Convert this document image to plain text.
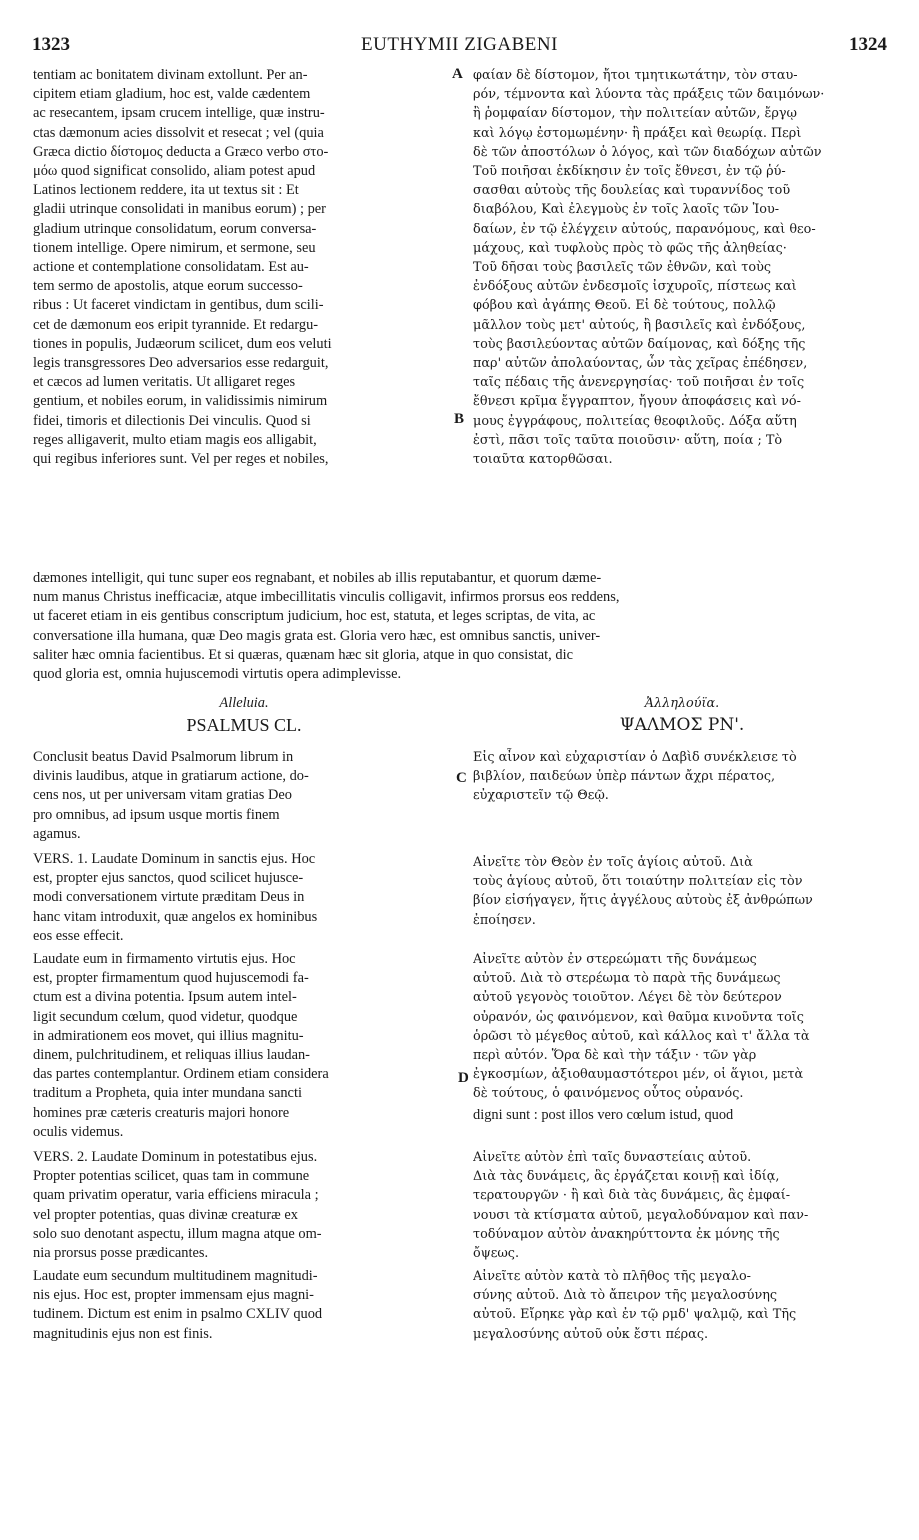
1323	EUTHYMII ZIGABENI	1324
tentiam ac bonitatem divinam extollunt. Per an-
cipitem etiam gladium, hoc est, valde cædentem
ac resecantem, ipsam crucem intellige, quæ instru-
ctas dæmonum acies dissolvit et resecat ; vel (quia
Græca dictio δίστομος deducta a Græco verbo στο-
μόω quod significat consolido, aliam potest apud
Latinos lectionem reddere, ita ut textus sit : Et
gladii utrinque consolidati in manibus eorum) ; per
gladium utrinque consolidatum, eorum conversa-
tionem intellige. Opere nimirum, et sermone, seu
actione et contemplatione consolidatam. Est au-
tem sermo de apostolis, atque eorum successo-
ribus : Ut faceret vindictam in gentibus, dum scili-
cet de dæmonum eos eripit tyrannide. Et redargu-
tiones in populis, Judæorum scilicet, dum eos veluti
legis transgressores Deo adversarios esse redarguit,
et cæcos ad lumen veritatis. Ut alligaret reges
gentium, et nobiles eorum, in validissimis nimirum
fidei, timoris et dilectionis Dei vinculis. Quod si
reges alligaverit, multo etiam magis eos alligabit,
qui regibus inferiores sunt. Vel per reges et nobiles,
φαίαν δὲ δίστομον, ἤτοι τμητικωτάτην, τὸν σταυ-
ρόν, τέμνοντα καὶ λύοντα τὰς πράξεις τῶν δαιμόνων·
ἢ ῥομφαίαν δίστομον, τὴν πολιτείαν αὐτῶν, ἔργῳ
καὶ λόγῳ ἐστομωμένην· ἢ πράξει καὶ θεωρίᾳ. Περὶ
δὲ τῶν ἀποστόλων ὁ λόγος, καὶ τῶν διαδόχων αὐτῶν
Τοῦ ποιῆσαι ἐκδίκησιν ἐν τοῖς ἔθνεσι, ἐν τῷ ῥύ-
σασθαι αὐτοὺς τῆς δουλείας καὶ τυραννίδος τοῦ
διαβόλου, Καὶ ἐλεγμοὺς ἐν τοῖς λαοῖς τῶν Ἰου-
δαίων, ἐν τῷ ἐλέγχειν αὐτούς, παρανόμους, καὶ θεο-
μάχους, καὶ τυφλοὺς πρὸς τὸ φῶς τῆς ἀληθείας·
Τοῦ δῆσαι τοὺς βασιλεῖς τῶν ἐθνῶν, καὶ τοὺς
ἐνδόξους αὐτῶν ἐνδεσμοῖς ἰσχυροῖς, πίστεως καὶ
φόβου καὶ ἀγάπης Θεοῦ. Εἰ δὲ τούτους, πολλῷ
μᾶλλον τοὺς μετ' αὐτούς, ἢ βασιλεῖς καὶ ἐνδόξους,
τοὺς βασιλεύοντας αὐτῶν δαίμονας, καὶ δόξης τῆς
παρ' αὐτῶν ἀπολαύοντας, ὧν τὰς χεῖρας ἐπέδησεν,
ταῖς πέδαις τῆς ἀνενεργησίας· τοῦ ποιῆσαι ἐν τοῖς
ἔθνεσι κρῖμα ἔγγραπτον, ἤγουν ἀποφάσεις καὶ νό-
μους ἐγγράφους, πολιτείας θεοφιλοῦς. Δόξα αὕτη
ἐστὶ, πᾶσι τοῖς ταῦτα ποιοῦσιν· αὕτη, ποία ; Τὸ
τοιαῦτα κατορθῶσαι.
A
B
C
D
dæmones intelligit, qui tunc super eos regnabant, et nobiles ab illis reputabantur, et quorum dæme-
num manus Christus inefficaciæ, atque imbecillitatis vinculis colligavit, infirmos prorsus eos reddens,
ut faceret etiam in eis gentibus conscriptum judicium, hoc est, statuta, et leges scriptas, de vita, ac
conversatione illa humana, quæ Deo magis grata est. Gloria vero hæc, est omnibus sanctis, univer-
saliter hæc omnia facientibus. Et si quæras, quænam hæc sit gloria, atque in quo consistat, dic
quod gloria est, omnia hujuscemodi virtutis opera adimplevisse.
Alleluia.
PSALMUS CL.
Ἀλληλούϊα.
ΨΑΛΜΟΣ ΡΝ'.
Conclusit beatus David Psalmorum librum in
divinis laudibus, atque in gratiarum actione, do-
cens nos, ut per universam vitam gratias Deo
pro omnibus, ad ipsum usque mortis finem
agamus.
VERS. 1. Laudate Dominum in sanctis ejus. Hoc
est, propter ejus sanctos, quod scilicet hujusce-
modi conversationem virtute præditam Deus in
hanc vitam introduxit, quæ angelos ex hominibus
eos esse effecit.
Laudate eum in firmamento virtutis ejus. Hoc
est, propter firmamentum quod hujuscemodi fa-
ctum est a divina potentia. Ipsum autem intel-
ligit secundum cœlum, quod videtur, quodque
in admirationem eos movet, qui illius magnitu-
dinem, pulchritudinem, et reliquas illius laudan-
das partes contemplantur. Ordinem etiam considera
traditum a Propheta, quia inter mundana sancti
homines præ cæteris creaturis majori honore
oculis videmus.
VERS. 2. Laudate Dominum in potestatibus ejus.
Propter potentias scilicet, quas tam in commune
quam privatim operatur, varia efficiens miracula ;
vel propter potentias, quas divinæ creaturæ ex
solo suo denotant aspectu, illum magna atque om-
nia prorsus posse prædicantes.
Laudate eum secundum multitudinem magnitudi-
nis ejus. Hoc est, propter immensam ejus magni-
tudinem. Dictum est enim in psalmo CXLIV quod
magnitudinis ejus non est finis.
Εἰς αἶνον καὶ εὐχαριστίαν ὁ Δαβὶδ συνέκλεισε τὸ
βιβλίον, παιδεύων ὑπὲρ πάντων ἄχρι πέρατος,
εὐχαριστεῖν τῷ Θεῷ.
Αἰνεῖτε τὸν Θεὸν ἐν τοῖς ἁγίοις αὐτοῦ. Διὰ
τοὺς ἁγίους αὐτοῦ, ὅτι τοιαύτην πολιτείαν εἰς τὸν
βίον εἰσήγαγεν, ἥτις ἀγγέλους αὐτοὺς ἐξ ἀνθρώπων
ἐποίησεν.
Αἰνεῖτε αὐτὸν ἐν στερεώματι τῆς δυνάμεως
αὐτοῦ. Διὰ τὸ στερέωμα τὸ παρὰ τῆς δυνάμεως
αὐτοῦ γεγονὸς τοιοῦτον. Λέγει δὲ τὸν δεύτερον
οὐρανόν, ὡς φαινόμενον, καὶ θαῦμα κινοῦντα τοῖς
ὁρῶσι τὸ μέγεθος αὐτοῦ, καὶ κάλλος καὶ τ' ἄλλα τὰ
περὶ αὐτόν. Ὅρα δὲ καὶ τὴν τάξιν · τῶν γὰρ
ἐγκοσμίων, ἀξιοθαυμαστότεροι μέν, οἱ ἅγιοι, μετὰ
δὲ τούτους, ὁ φαινόμενος οὗτος οὐρανός.
digni sunt : post illos vero cœlum istud, quod
Αἰνεῖτε αὐτὸν ἐπὶ ταῖς δυναστείαις αὐτοῦ.
Διὰ τὰς δυνάμεις, ἃς ἐργάζεται κοινῇ καὶ ἰδίᾳ,
τερατουργῶν · ἢ καὶ διὰ τὰς δυνάμεις, ἃς ἐμφαί-
νουσι τὰ κτίσματα αὐτοῦ, μεγαλοδύναμον καὶ παν-
τοδύναμον αὐτὸν ἀνακηρύττοντα ἐκ μόνης τῆς
ὄψεως.
Αἰνεῖτε αὐτὸν κατὰ τὸ πλῆθος τῆς μεγαλο-
σύνης αὐτοῦ. Διὰ τὸ ἄπειρον τῆς μεγαλοσύνης
αὐτοῦ. Εἴρηκε γὰρ καὶ ἐν τῷ ρμδ' ψαλμῷ, καὶ Τῆς
μεγαλοσύνης αὐτοῦ οὐκ ἔστι πέρας.
